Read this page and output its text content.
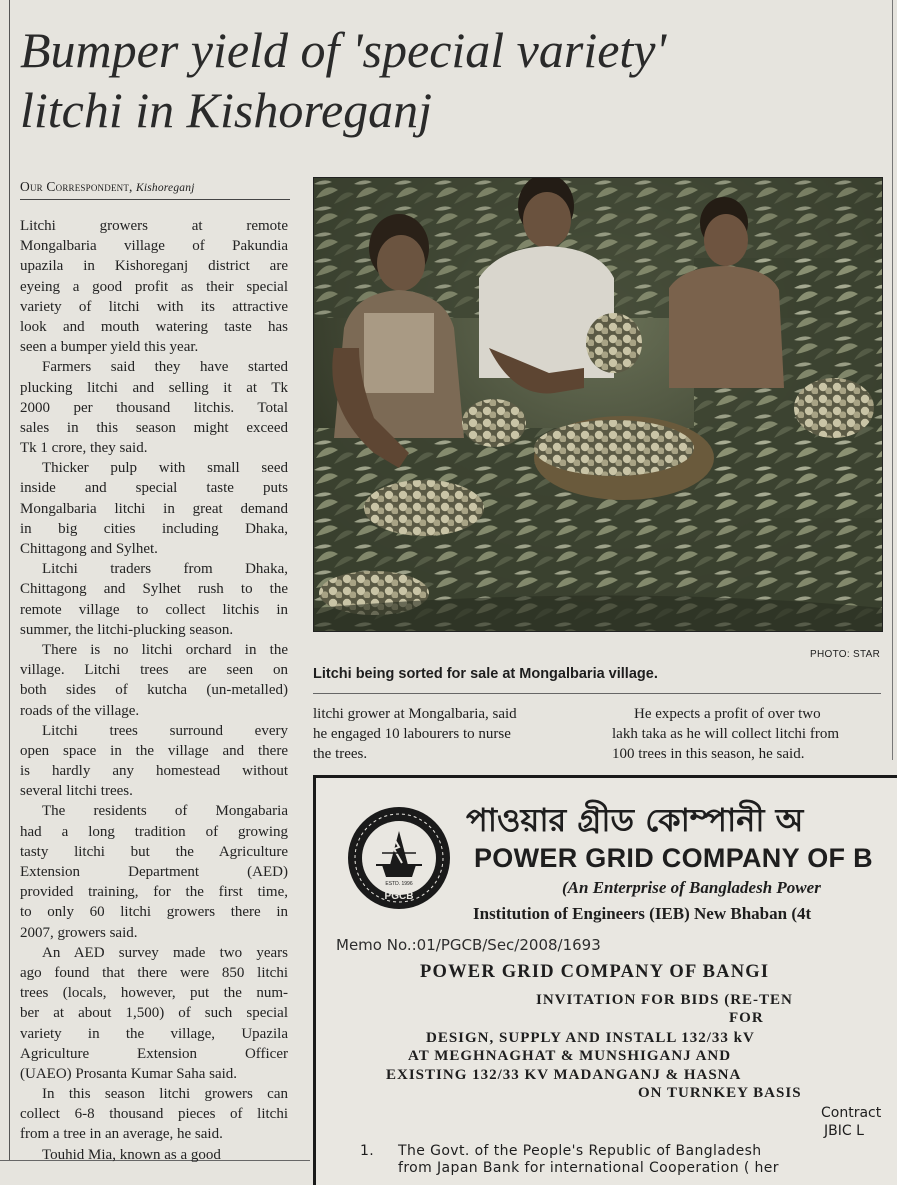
Bumper yield of 'special variety'
litchi in Kishoreganj
Our Correspondent, Kishoreganj
Litchi growers at remote
Mongalbaria village of Pakundia
upazila in Kishoreganj district are
eyeing a good profit as their special
variety of litchi with its attractive
look and mouth watering taste has
seen a bumper yield this year.
Farmers said they have started
plucking litchi and selling it at Tk
2000 per thousand litchis. Total
sales in this season might exceed
Tk 1 crore, they said.
Thicker pulp with small seed
inside and special taste puts
Mongalbaria litchi in great demand
in big cities including Dhaka,
Chittagong and Sylhet.
Litchi traders from Dhaka,
Chittagong and Sylhet rush to the
remote village to collect litchis in
summer, the litchi-plucking season.
There is no litchi orchard in the
village. Litchi trees are seen on
both sides of kutcha (un-metalled)
roads of the village.
Litchi trees surround every
open space in the village and there
is hardly any homestead without
several litchi trees.
The residents of Mongabaria
had a long tradition of growing
tasty litchi but the Agriculture
Extension Department (AED)
provided training, for the first time,
to only 60 litchi growers there in
2007, growers said.
An AED survey made two years
ago found that there were 850 litchi
trees (locals, however, put the num-
ber at about 1,500) of such special
variety in the village, Upazila
Agriculture Extension Officer
(UAEO) Prosanta Kumar Saha said.
In this season litchi growers can
collect 6-8 thousand pieces of litchi
from a tree in an average, he said.
Touhid Mia, known as a good
PHOTO: STAR
Litchi being sorted for sale at Mongalbaria village.
litchi grower at Mongalbaria, said
he engaged 10 labourers to nurse
the trees.
He expects a profit of over two
lakh taka as he will collect litchi from
100 trees in this season, he said.
ESTD. 1996
PGCB
পাওয়ার গ্রীড কোম্পানী অ
POWER GRID COMPANY OF B
(An Enterprise of Bangladesh Power
Institution of Engineers (IEB) New Bhaban (4t
Memo No.:01/PGCB/Sec/2008/1693
POWER GRID COMPANY OF BANGI
INVITATION FOR BIDS (RE-TEN
FOR
DESIGN, SUPPLY AND INSTALL 132/33 kV
AT MEGHNAGHAT & MUNSHIGANJ AND
EXISTING 132/33 KV MADANGANJ & HASNA
ON TURNKEY BASIS
Contract
JBIC L
1. The Govt. of the People's Republic of Bangladesh
from Japan Bank for international Cooperation ( her
